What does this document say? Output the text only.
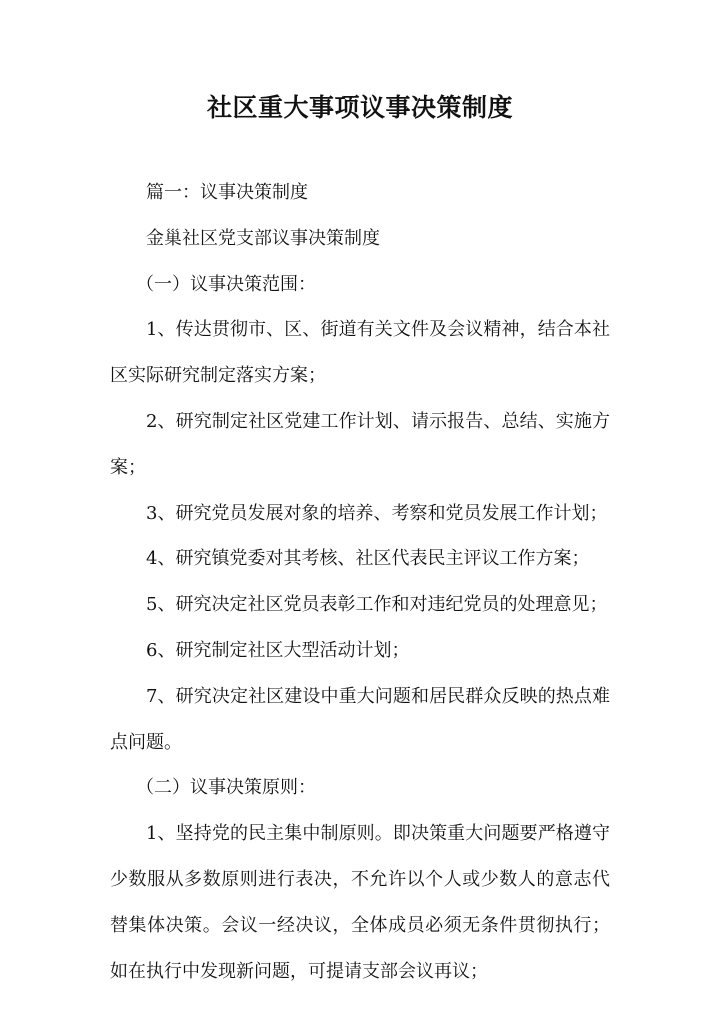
社区重大事项议事决策制度

篇一：议事决策制度

金巢社区党支部议事决策制度

（一）议事决策范围：

1、传达贯彻市、区、街道有关文件及会议精神，结合本社区实际研究制定落实方案；

2、研究制定社区党建工作计划、请示报告、总结、实施方案；

3、研究党员发展对象的培养、考察和党员发展工作计划；

4、研究镇党委对其考核、社区代表民主评议工作方案；

5、研究决定社区党员表彰工作和对违纪党员的处理意见；

6、研究制定社区大型活动计划；

7、研究决定社区建设中重大问题和居民群众反映的热点难点问题。

（二）议事决策原则：

1、坚持党的民主集中制原则。即决策重大问题要严格遵守少数服从多数原则进行表决，不允许以个人或少数人的意志代替集体决策。会议一经决议，全体成员必须无条件贯彻执行；如在执行中发现新问题，可提请支部会议再议；
